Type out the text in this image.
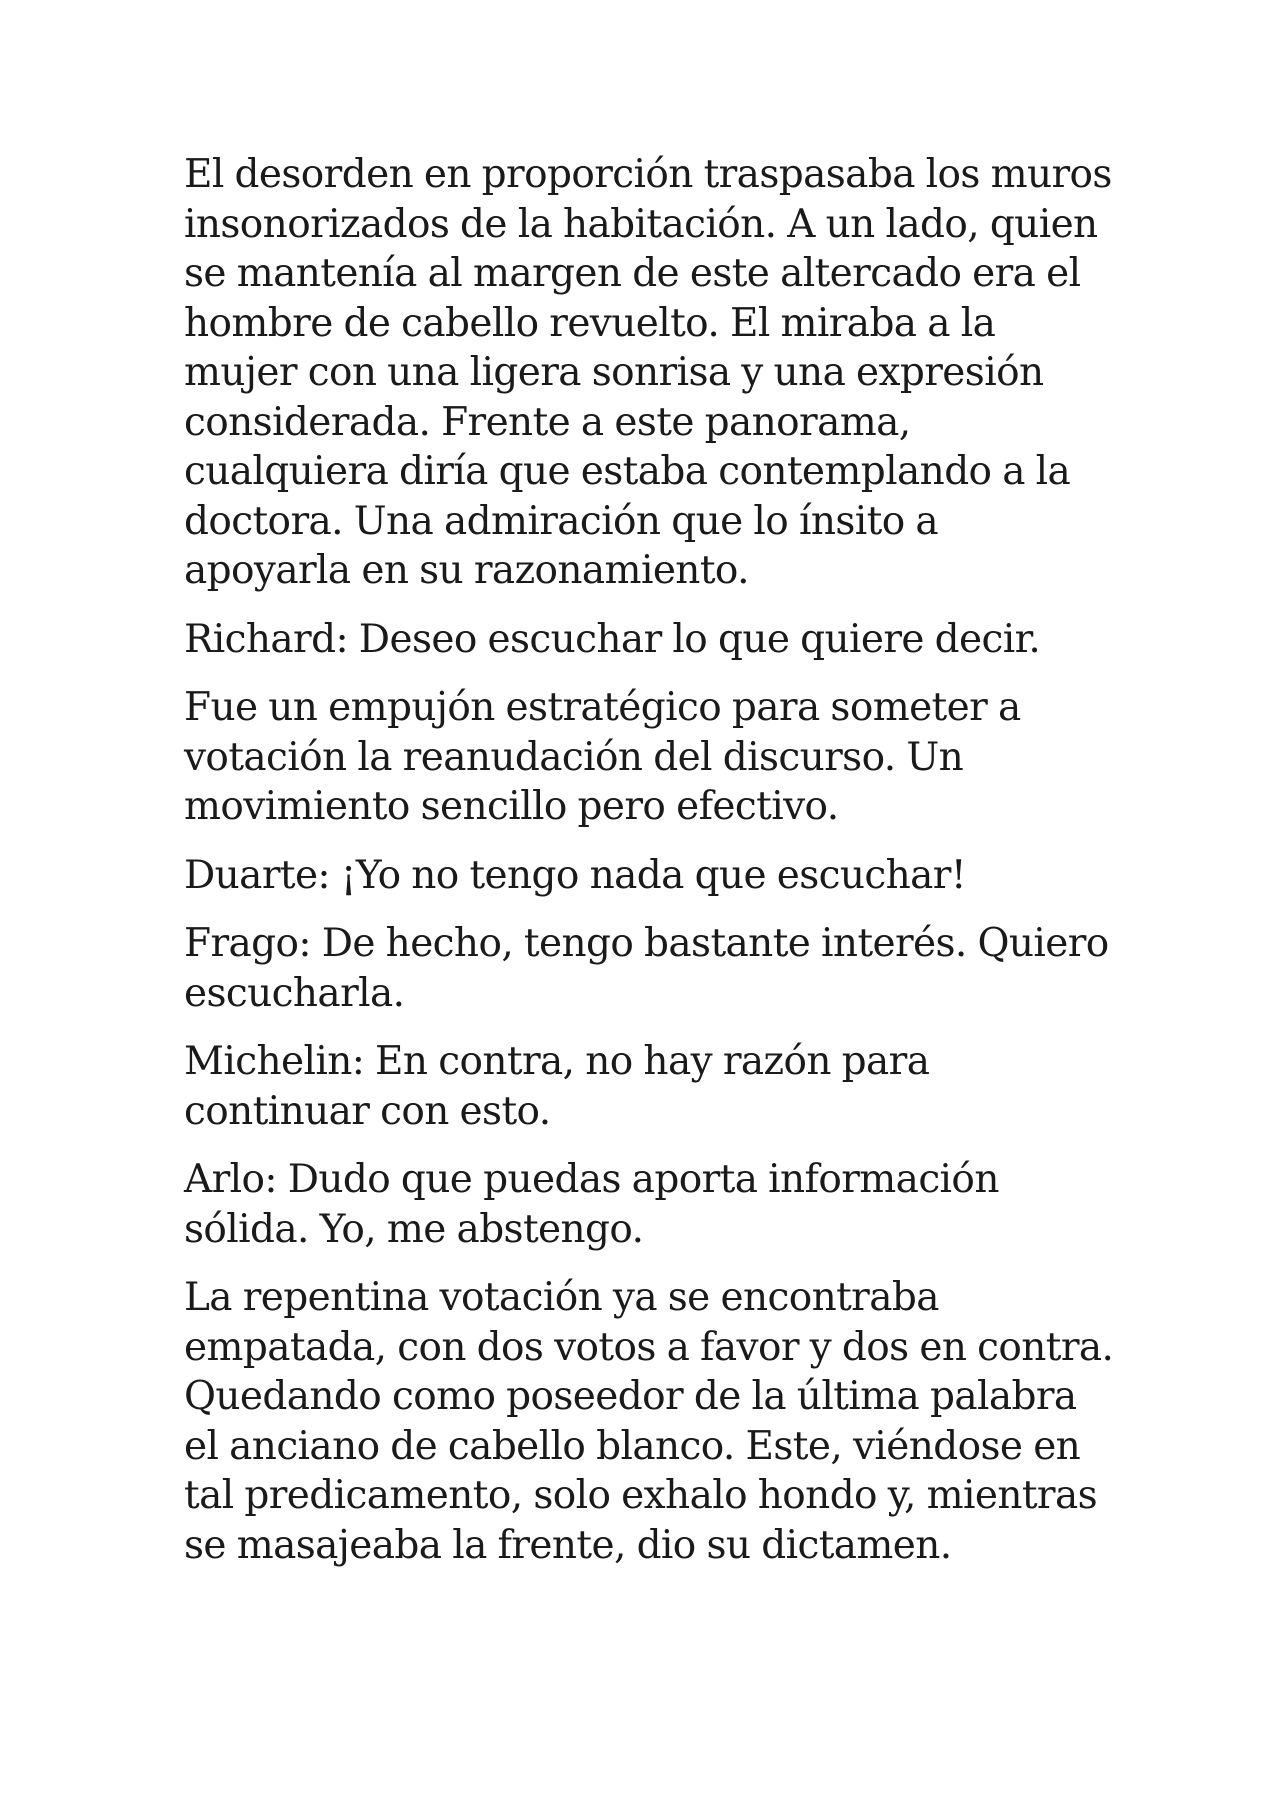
El desorden en proporción traspasaba los muros insonorizados de la habitación. A un lado, quien se mantenía al margen de este altercado era el hombre de cabello revuelto. El miraba a la mujer con una ligera sonrisa y una expresión considerada. Frente a este panorama, cualquiera diría que estaba contemplando a la doctora. Una admiración que lo ínsito a apoyarla en su razonamiento.

Richard: Deseo escuchar lo que quiere decir.

Fue un empujón estratégico para someter a votación la reanudación del discurso. Un movimiento sencillo pero efectivo.

Duarte: ¡Yo no tengo nada que escuchar!

Frago: De hecho, tengo bastante interés. Quiero escucharla.

Michelin: En contra, no hay razón para continuar con esto.

Arlo: Dudo que puedas aporta información sólida. Yo, me abstengo.

La repentina votación ya se encontraba empatada, con dos votos a favor y dos en contra. Quedando como poseedor de la última palabra el anciano de cabello blanco. Este, viéndose en tal predicamento, solo exhalo hondo y, mientras se masajeaba la frente, dio su dictamen.
